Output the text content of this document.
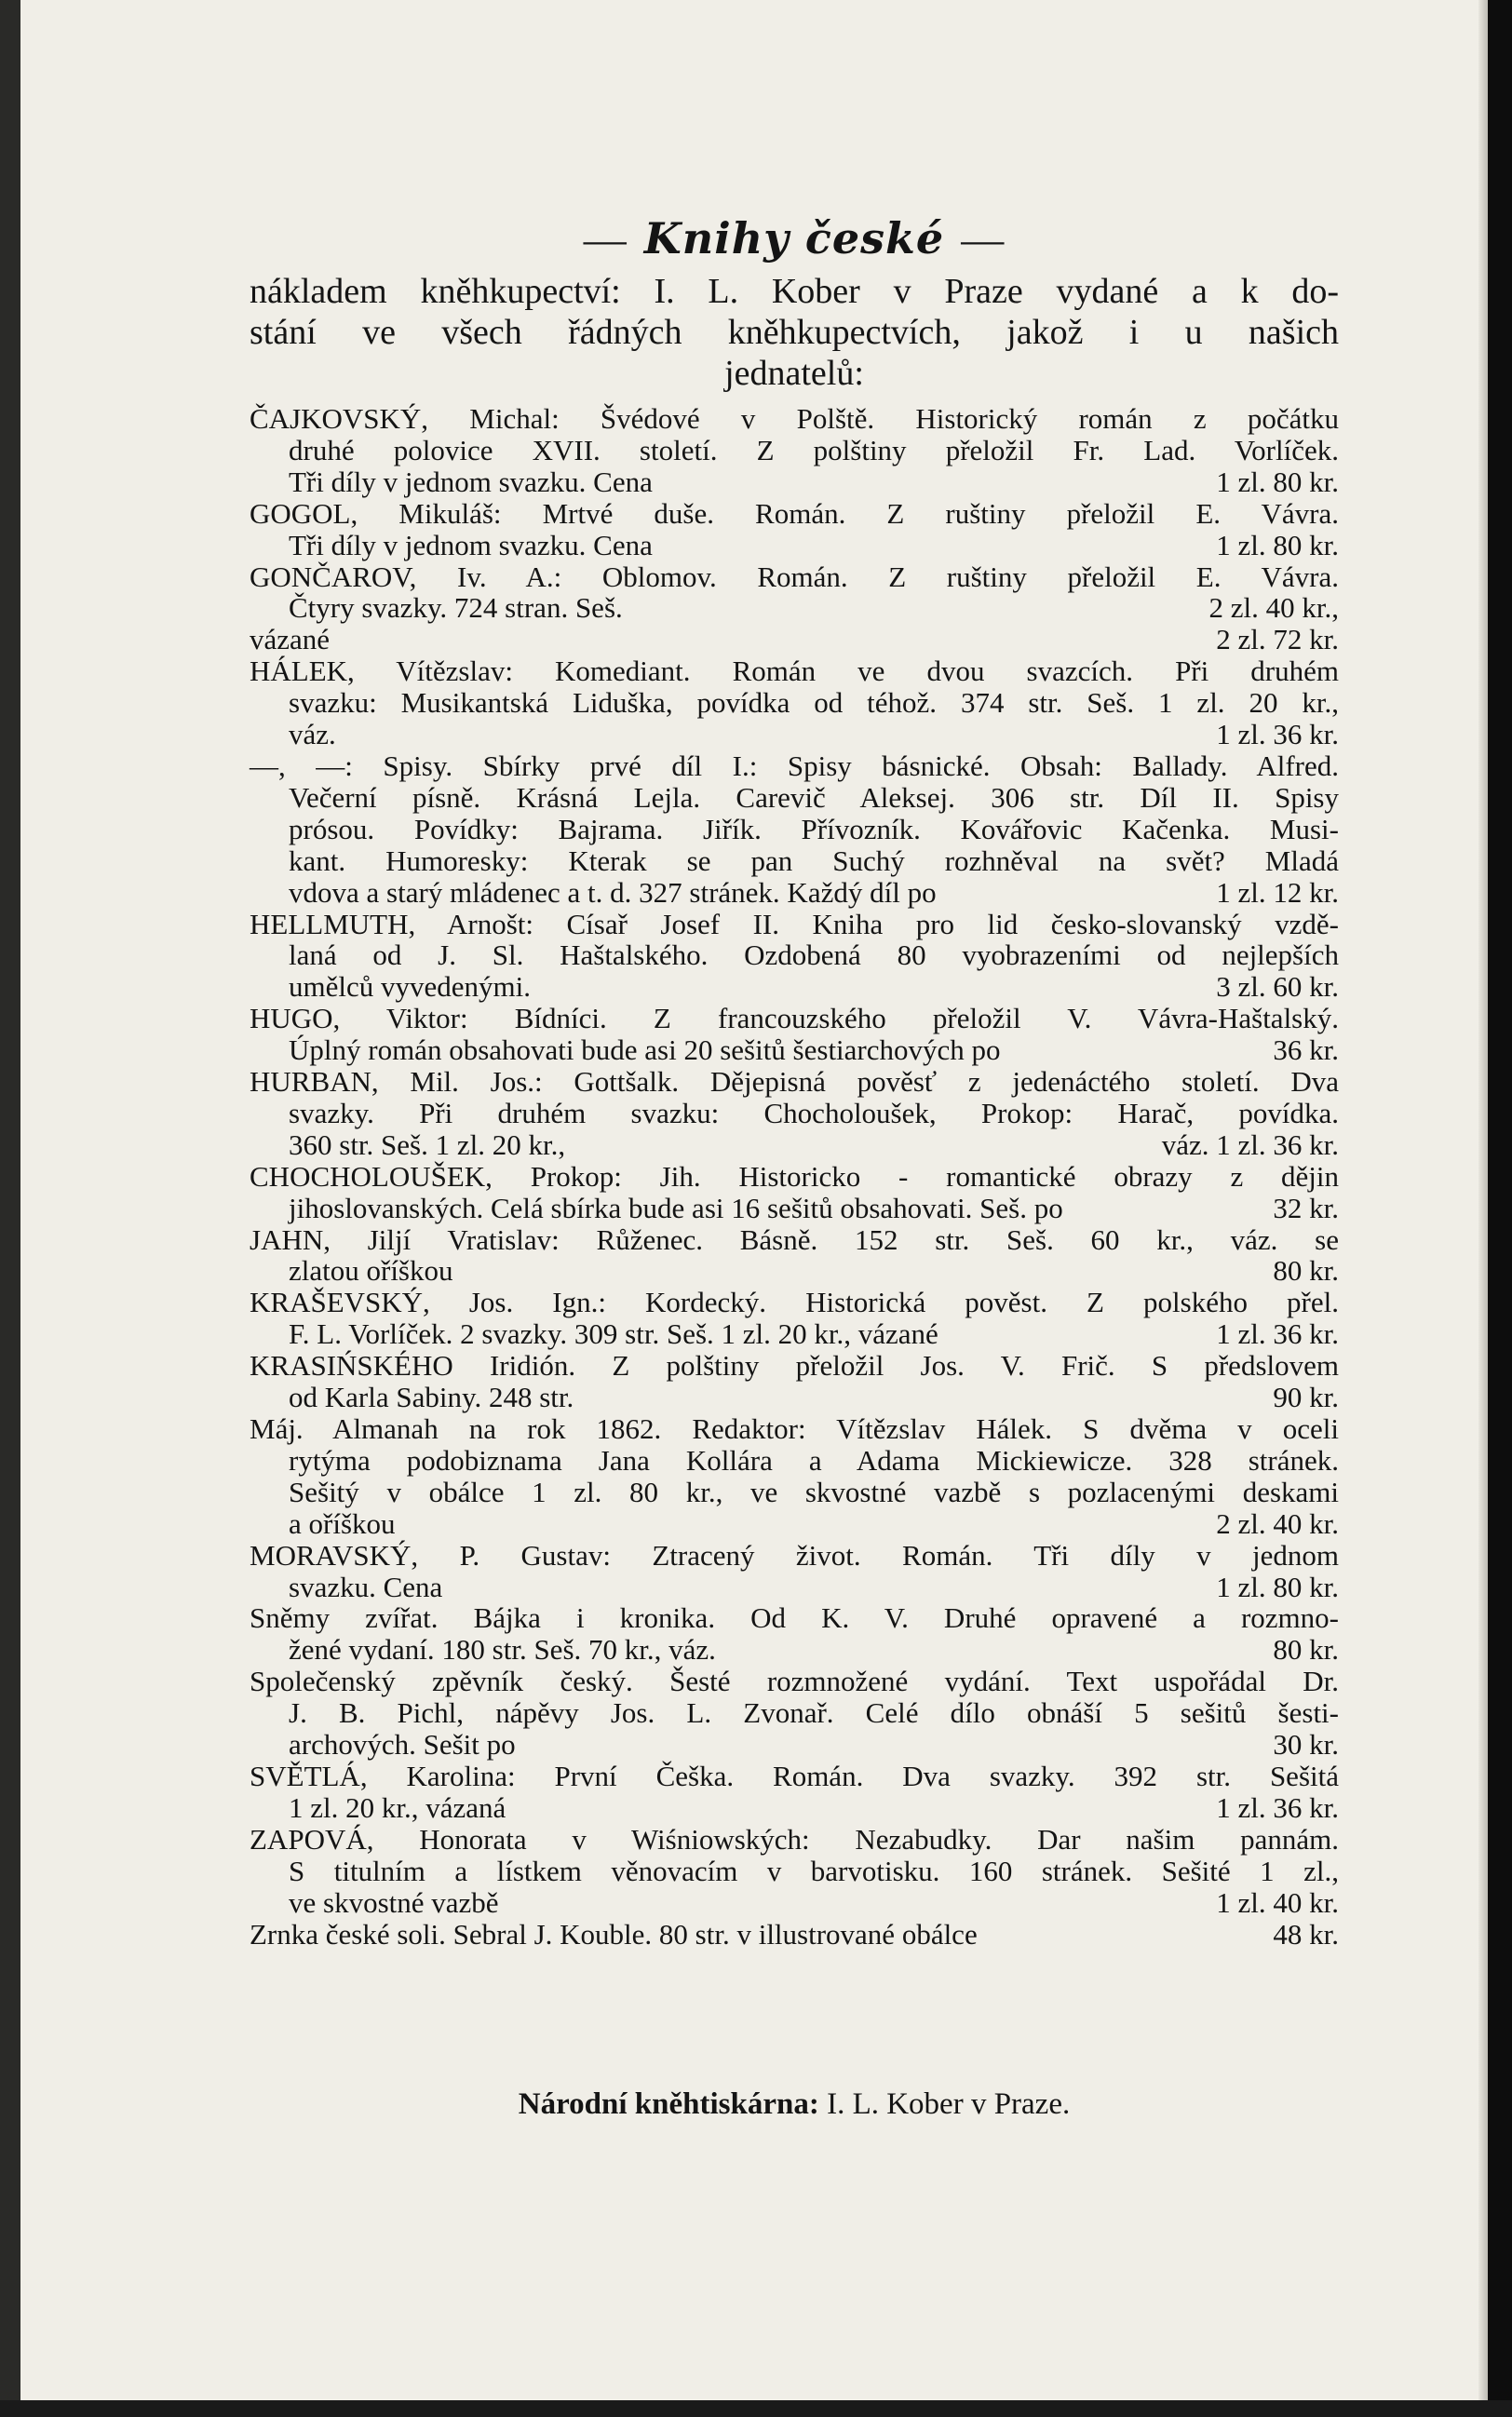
— Knihy české —
nákladem kněhkupectví: I. L. Kober v Praze vydané a k do-
stání ve všech řádných kněhkupectvích, jakož i u našich
jednatelů:
ČAJKOVSKÝ, Michal: Švédové v Polště. Historický román z počátku
druhé polovice XVII. století. Z polštiny přeložil Fr. Lad. Vorlíček.
Tři díly v jednom svazku. Cena	1 zl. 80 kr.
GOGOL, Mikuláš: Mrtvé duše. Román. Z ruštiny přeložil E. Vávra.
Tři díly v jednom svazku. Cena	1 zl. 80 kr.
GONČAROV, Iv. A.: Oblomov. Román. Z ruštiny přeložil E. Vávra.
Čtyry svazky. 724 stran. Seš.	2 zl. 40 kr.,
vázané	2 zl. 72 kr.
HÁLEK, Vítězslav: Komediant. Román ve dvou svazcích. Při druhém
svazku: Musikantská Liduška, povídka od téhož. 374 str. Seš. 1 zl. 20 kr.,
váz.	1 zl. 36 kr.
—, —: Spisy. Sbírky prvé díl I.: Spisy básnické. Obsah: Ballady. Alfred.
Večerní písně. Krásná Lejla. Carevič Aleksej. 306 str. Díl II. Spisy
prósou. Povídky: Bajrama. Jiřík. Přívozník. Kovářovic Kačenka. Musi-
kant. Humoresky: Kterak se pan Suchý rozhněval na svět? Mladá
vdova a starý mládenec a t. d. 327 stránek. Každý díl po	1 zl. 12 kr.
HELLMUTH, Arnošt: Císař Josef II. Kniha pro lid česko-slovanský vzdě-
laná od J. Sl. Haštalského. Ozdobená 80 vyobrazeními od nejlepších
umělců vyvedenými.	3 zl. 60 kr.
HUGO, Viktor: Bídníci. Z francouzského přeložil V. Vávra-Haštalský.
Úplný román obsahovati bude asi 20 sešitů šestiarchových po	36 kr.
HURBAN, Mil. Jos.: Gottšalk. Dějepisná pověsť z jedenáctého století. Dva
svazky. Při druhém svazku: Chocholoušek, Prokop: Harač, povídka.
360 str. Seš. 1 zl. 20 kr.,	váz. 1 zl. 36 kr.
CHOCHOLOUŠEK, Prokop: Jih. Historicko - romantické obrazy z dějin
jihoslovanských. Celá sbírka bude asi 16 sešitů obsahovati. Seš. po	32 kr.
JAHN, Jiljí Vratislav: Růženec. Básně. 152 str. Seš. 60 kr., váz. se
zlatou oříškou	80 kr.
KRAŠEVSKÝ, Jos. Ign.: Kordecký. Historická pověst. Z polského přel.
F. L. Vorlíček. 2 svazky. 309 str. Seš. 1 zl. 20 kr., vázané	1 zl. 36 kr.
KRASIŃSKÉHO Iridión. Z polštiny přeložil Jos. V. Frič. S předslovem
od Karla Sabiny. 248 str.	90 kr.
Máj. Almanah na rok 1862. Redaktor: Vítězslav Hálek. S dvěma v oceli
rytýma podobiznama Jana Kollára a Adama Mickiewicze. 328 stránek.
Sešitý v obálce 1 zl. 80 kr., ve skvostné vazbě s pozlacenými deskami
a oříškou	2 zl. 40 kr.
MORAVSKÝ, P. Gustav: Ztracený život. Román. Tři díly v jednom
svazku. Cena	1 zl. 80 kr.
Sněmy zvířat. Bájka i kronika. Od K. V. Druhé opravené a rozmno-
žené vydaní. 180 str. Seš. 70 kr., váz.	80 kr.
Společenský zpěvník český. Šesté rozmnožené vydání. Text uspořádal Dr.
J. B. Pichl, nápěvy Jos. L. Zvonař. Celé dílo obnáší 5 sešitů šesti-
archových. Sešit po	30 kr.
SVĚTLÁ, Karolina: První Češka. Román. Dva svazky. 392 str. Sešitá
1 zl. 20 kr., vázaná	1 zl. 36 kr.
ZAPOVÁ, Honorata v Wiśniowských: Nezabudky. Dar našim pannám.
S titulním a lístkem věnovacím v barvotisku. 160 stránek. Sešité 1 zl.,
ve skvostné vazbě	1 zl. 40 kr.
Zrnka české soli. Sebral J. Kouble. 80 str. v illustrované obálce	48 kr.
Národní kněhtiskárna: I. L. Kober v Praze.
